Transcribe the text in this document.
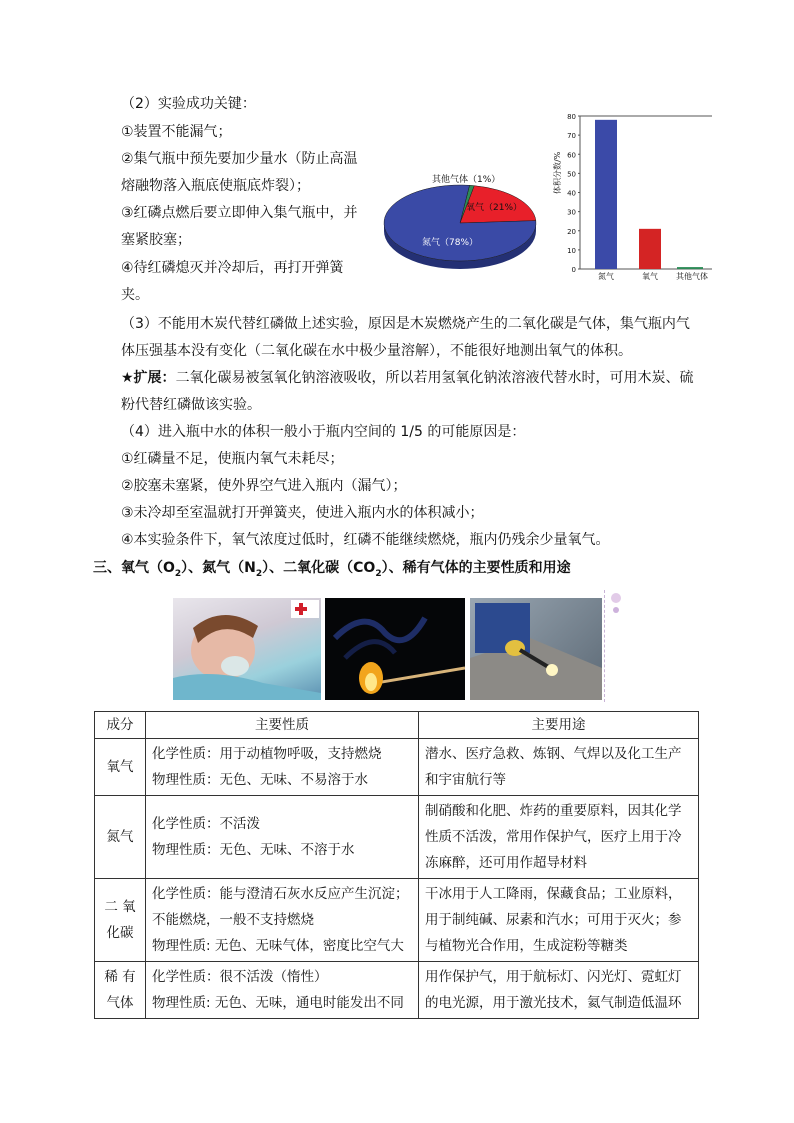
（2）实验成功关键：
①装置不能漏气；
②集气瓶中预先要加少量水（防止高温
熔融物落入瓶底使瓶底炸裂）；
③红磷点燃后要立即伸入集气瓶中，并
塞紧胶塞；
④待红磷熄灭并冷却后，再打开弹簧
夹。
其他气体（1%）
氧气（21%）
氮气（78%）
体积分数/%
0
10
20
30
40
50
60
70
80
氮气	氧气 其他气体
（3）不能用木炭代替红磷做上述实验，原因是木炭燃烧产生的二氧化碳是气体，集气瓶内气
体压强基本没有变化（二氧化碳在水中极少量溶解），不能很好地测出氧气的体积。
★扩展：二氧化碳易被氢氧化钠溶液吸收，所以若用氢氧化钠浓溶液代替水时，可用木炭、硫
粉代替红磷做该实验。
（4）进入瓶中水的体积一般小于瓶内空间的 1/5 的可能原因是：
①红磷量不足，使瓶内氧气未耗尽；
②胶塞未塞紧，使外界空气进入瓶内（漏气）；
③未冷却至室温就打开弹簧夹，使进入瓶内水的体积减小；
④本实验条件下，氧气浓度过低时，红磷不能继续燃烧，瓶内仍残余少量氧气。
三、氧气$(O_2)$、氮气$(N_2)$、二氧化碳$(CO_2)$、稀有气体的主要性质和用途
成分	主要性质	主要用途

氧气	化学性质：用于动植物呼吸，支持燃烧
物理性质：无色、无味、不易溶于水	潜水、医疗急救、炼钢、气焊以及化工生产
和宇宙航行等

氮气	化学性质：不活泼
物理性质：无色、无味、不溶于水	制硝酸和化肥、炸药的重要原料，因其化学
性质不活泼，常用作保护气，医疗上用于冷
冻麻醉，还可用作超导材料

二 氧
化碳	化学性质：能与澄清石灰水反应产生沉淀；
不能燃烧，一般不支持燃烧
物理性质: 无色、无味气体，密度比空气大	干冰用于人工降雨，保藏食品；工业原料，
用于制纯碱、尿素和汽水；可用于灭火；参
与植物光合作用，生成淀粉等糖类

稀 有
气体	化学性质：很不活泼（惰性）
物理性质: 无色、无味，通电时能发出不同	用作保护气，用于航标灯、闪光灯、霓虹灯
的电光源，用于激光技术，氦气制造低温环
